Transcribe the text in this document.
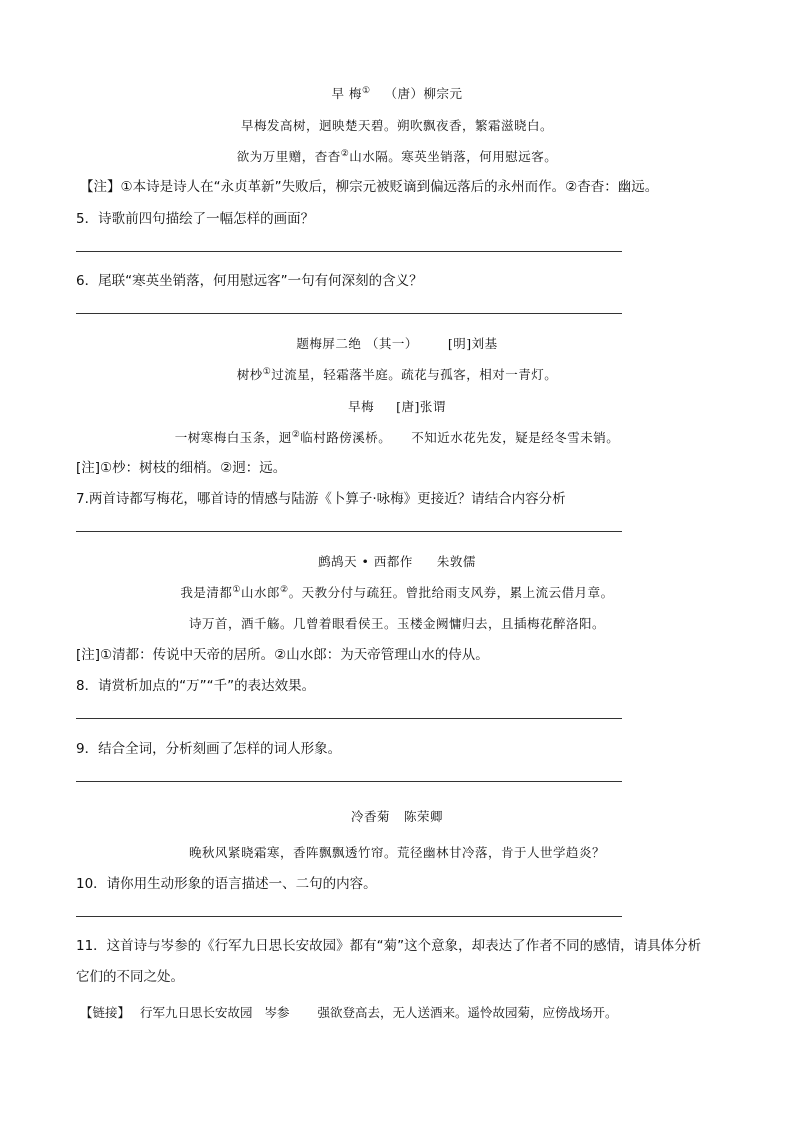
早 梅① （唐）柳宗元
早梅发高树，迥映楚天碧。朔吹飘夜香，繁霜滋晓白。
欲为万里赠，杳杳②山水隔。寒英坐销落，何用慰远客。
【注】①本诗是诗人在“永贞革新”失败后，柳宗元被贬谪到偏远落后的永州而作。②杳杳：幽远。
5．诗歌前四句描绘了一幅怎样的画面？
6．尾联“寒英坐销落，何用慰远客”一句有何深刻的含义？
题梅屏二绝 （其一） [明]刘基
树杪①过流星，轻霜落半庭。疏花与孤客，相对一青灯。
早梅 [唐]张谓
一树寒梅白玉条，迥②临村路傍溪桥。 不知近水花先发，疑是经冬雪未销。
[注]①杪：树枝的细梢。②迥：远。
7.两首诗都写梅花，哪首诗的情感与陆游《卜算子·咏梅》更接近？请结合内容分析
鹧鸪天 • 西都作 朱敦儒
我是清都①山水郎②。天教分付与疏狂。曾批给雨支风券，累上流云借月章。
诗万首，酒千觞。几曾着眼看侯王。玉楼金阙慵归去，且插梅花醉洛阳。
[注]①清都：传说中天帝的居所。②山水郎：为天帝管理山水的侍从。
8．请赏析加点的“万”“千”的表达效果。
9．结合全词，分析刻画了怎样的词人形象。
冷香菊 陈荣卿
晚秋风紧晓霜寒，香阵飘飘透竹帘。荒径幽林甘冷落，肯于人世学趋炎？
10．请你用生动形象的语言描述一、二句的内容。
11．这首诗与岑参的《行军九日思长安故园》都有“菊”这个意象，却表达了作者不同的感情，请具体分析
它们的不同之处。
【链接】 行军九日思长安故园 岑参 强欲登高去，无人送酒来。遥怜故园菊，应傍战场开。
